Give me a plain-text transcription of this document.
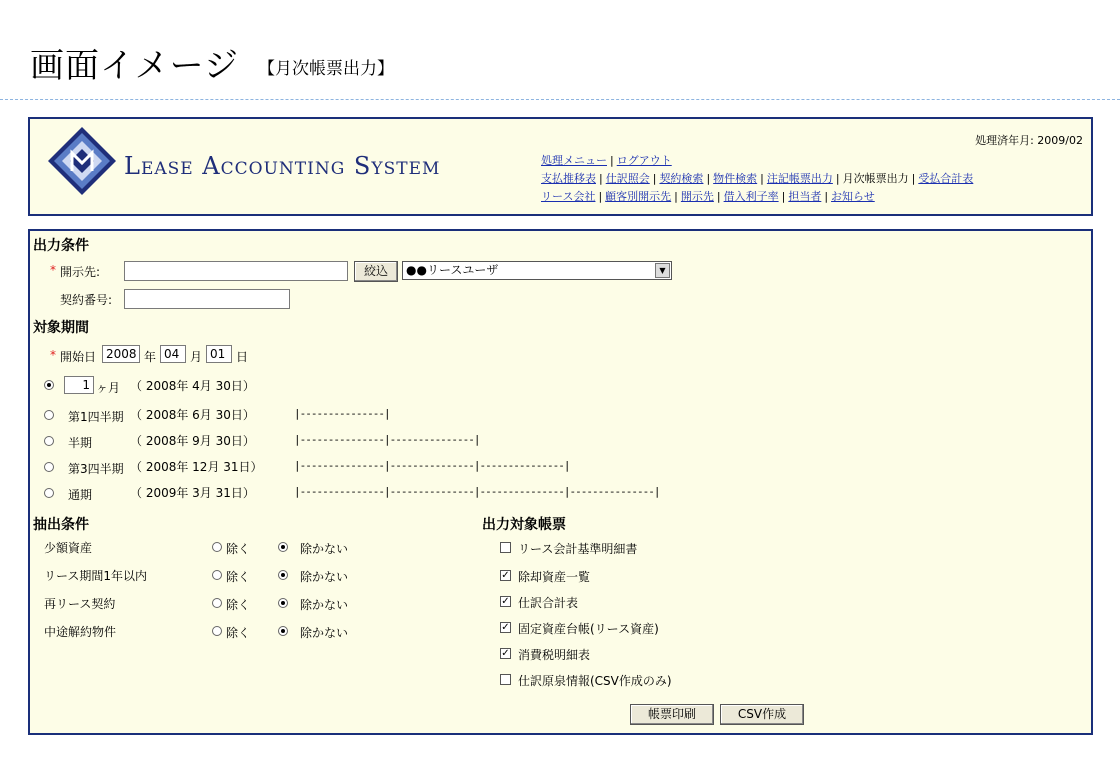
画面イメージ 【月次帳票出力】
Lease Accounting System
処理済年月: 2009/02
処理メニュー | ログアウト
支払推移表 | 仕訳照会 | 契約検索 | 物件検索 | 注記帳票出力 | 月次帳票出力 | 受払合計表
リース会社 | 顧客別開示先 | 開示先 | 借入利子率 | 担当者 | お知らせ
出力条件
* 開示先:	絞込	●●リースユーザ	▼
契約番号:
対象期間
* 開始日 2008 年 04 月 01 日
1 ヶ月 （ 2008年 4月 30日）
第1四半期 （ 2008年 6月 30日）	|---------------|
半期	（ 2008年 9月 30日）	|---------------|---------------|
第3四半期 （ 2008年 12月 31日）	|---------------|---------------|---------------|
通期	（ 2009年 3月 31日）	|---------------|---------------|---------------|---------------|
抽出条件
少額資産	除く	除かない
リース期間1年以内	除く	除かない
再リース契約	除く	除かない
中途解約物件	除く	除かない
出力対象帳票
リース会計基準明細書
✓ 除却資産一覧
✓ 仕訳合計表
✓ 固定資産台帳(リース資産)
✓ 消費税明細表
仕訳原泉情報(CSV作成のみ)
帳票印刷	CSV作成
